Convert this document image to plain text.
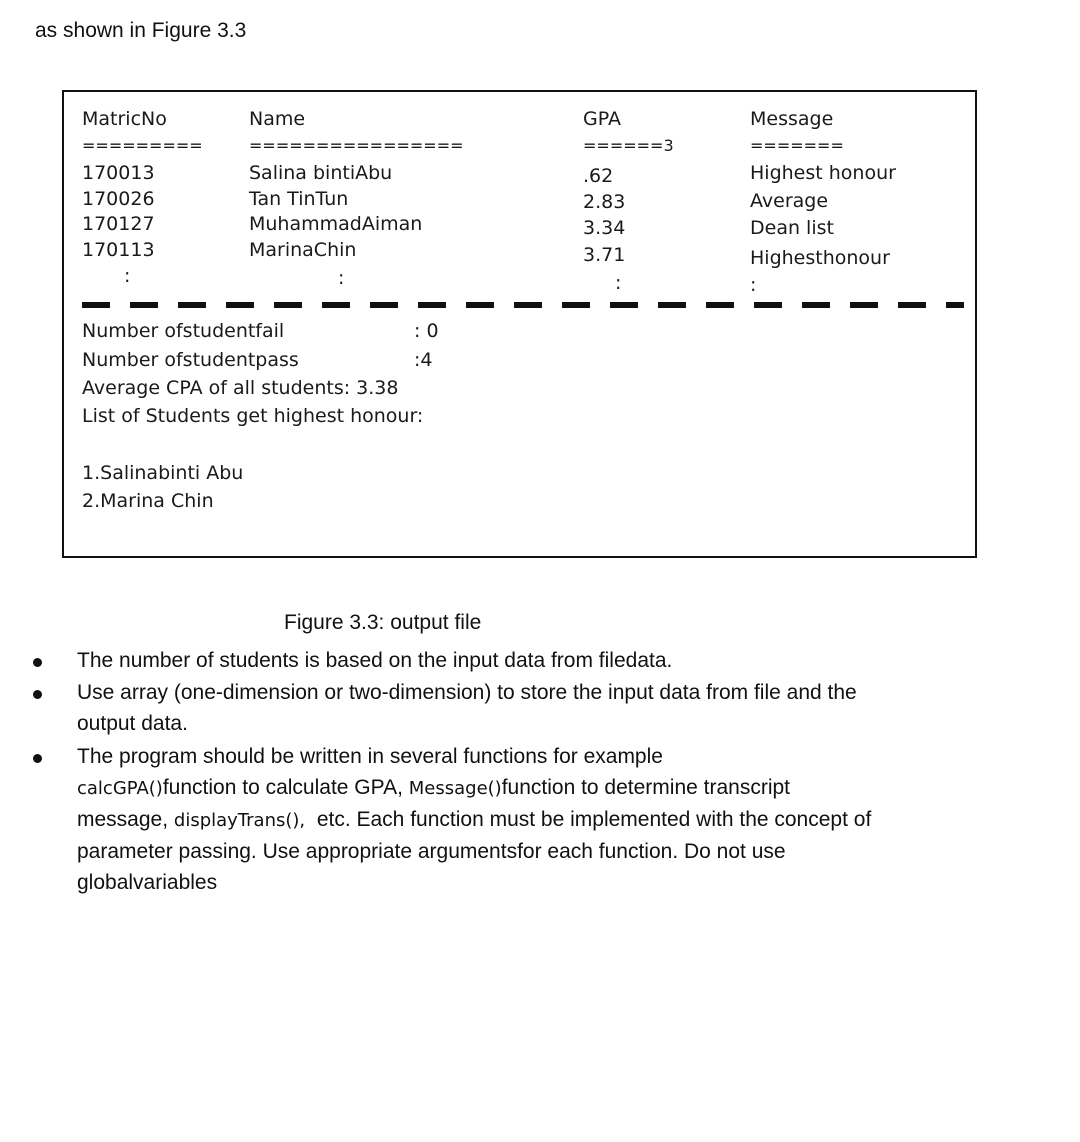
as shown in Figure 3.3
MatricNo	Name	GPA	Message
=========	================	======3	=======
170013	Salina bintiAbu	.62	Highest honour
170026	Tan TinTun	2.83	Average
170127	MuhammadAiman	3.34	Dean list
170113	MarinaChin	3.71	Highesthonour
:	:	:	:
Number ofstudentfail	: 0
Number ofstudentpass	:4
Average CPA of all students: 3.38
List of Students get highest honour:
1.Salinabinti Abu
2.Marina Chin
Figure 3.3: output file
The number of students is based on the input data from filedata.
Use array (one-dimension or two-dimension) to store the input data from file and the output data.
The program should be written in several functions for example
calcGPA()function to calculate GPA, Message()function to determine transcript message, displayTrans(), etc. Each function must be implemented with the concept of parameter passing. Use appropriate argumentsfor each function. Do not use globalvariables
